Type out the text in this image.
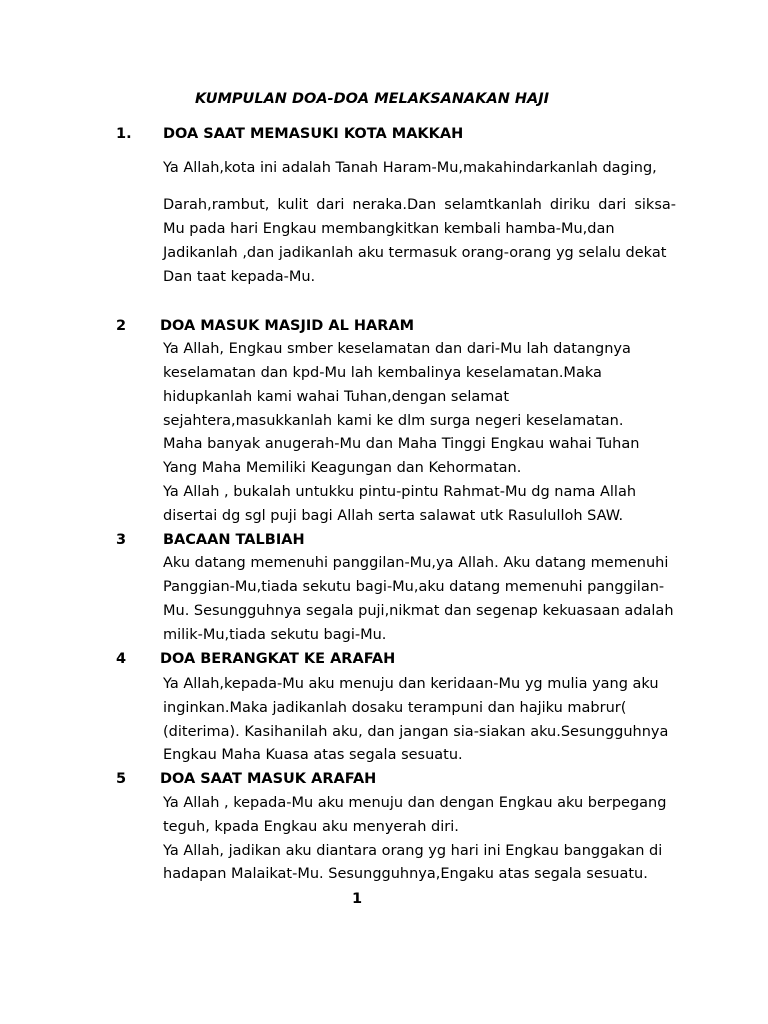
KUMPULAN DOA-DOA MELAKSANAKAN HAJI
1. DOA SAAT MEMASUKI KOTA MAKKAH
Ya Allah,kota ini adalah Tanah Haram-Mu,makahindarkanlah daging,
Darah,rambut, kulit dari neraka.Dan selamtkanlah diriku dari siksa-
Mu pada hari Engkau membangkitkan kembali hamba-Mu,dan
Jadikanlah ,dan jadikanlah aku termasuk orang-orang yg selalu dekat
Dan taat kepada-Mu.
2 DOA MASUK MASJID AL HARAM
Ya Allah, Engkau smber keselamatan dan dari-Mu lah datangnya
keselamatan dan kpd-Mu lah kembalinya keselamatan.Maka
hidupkanlah kami wahai Tuhan,dengan selamat
sejahtera,masukkanlah kami ke dlm surga negeri keselamatan.
Maha banyak anugerah-Mu dan Maha Tinggi Engkau wahai Tuhan
Yang Maha Memiliki Keagungan dan Kehormatan.
Ya Allah , bukalah untukku pintu-pintu Rahmat-Mu dg nama Allah
disertai dg sgl puji bagi Allah serta salawat utk Rasululloh SAW.
3	BACAAN TALBIAH
Aku datang memenuhi panggilan-Mu,ya Allah. Aku datang memenuhi
Panggian-Mu,tiada sekutu bagi-Mu,aku datang memenuhi panggilan-
Mu. Sesungguhnya segala puji,nikmat dan segenap kekuasaan adalah
milik-Mu,tiada sekutu bagi-Mu.
4 DOA BERANGKAT KE ARAFAH
Ya Allah,kepada-Mu aku menuju dan keridaan-Mu yg mulia yang aku
inginkan.Maka jadikanlah dosaku terampuni dan hajiku mabrur(
(diterima). Kasihanilah aku, dan jangan sia-siakan aku.Sesungguhnya
Engkau Maha Kuasa atas segala sesuatu.
5 DOA SAAT MASUK ARAFAH
Ya Allah , kepada-Mu aku menuju dan dengan Engkau aku berpegang
teguh, kpada Engkau aku menyerah diri.
Ya Allah, jadikan aku diantara orang yg hari ini Engkau banggakan di
hadapan Malaikat-Mu. Sesungguhnya,Engaku atas segala sesuatu.
1
